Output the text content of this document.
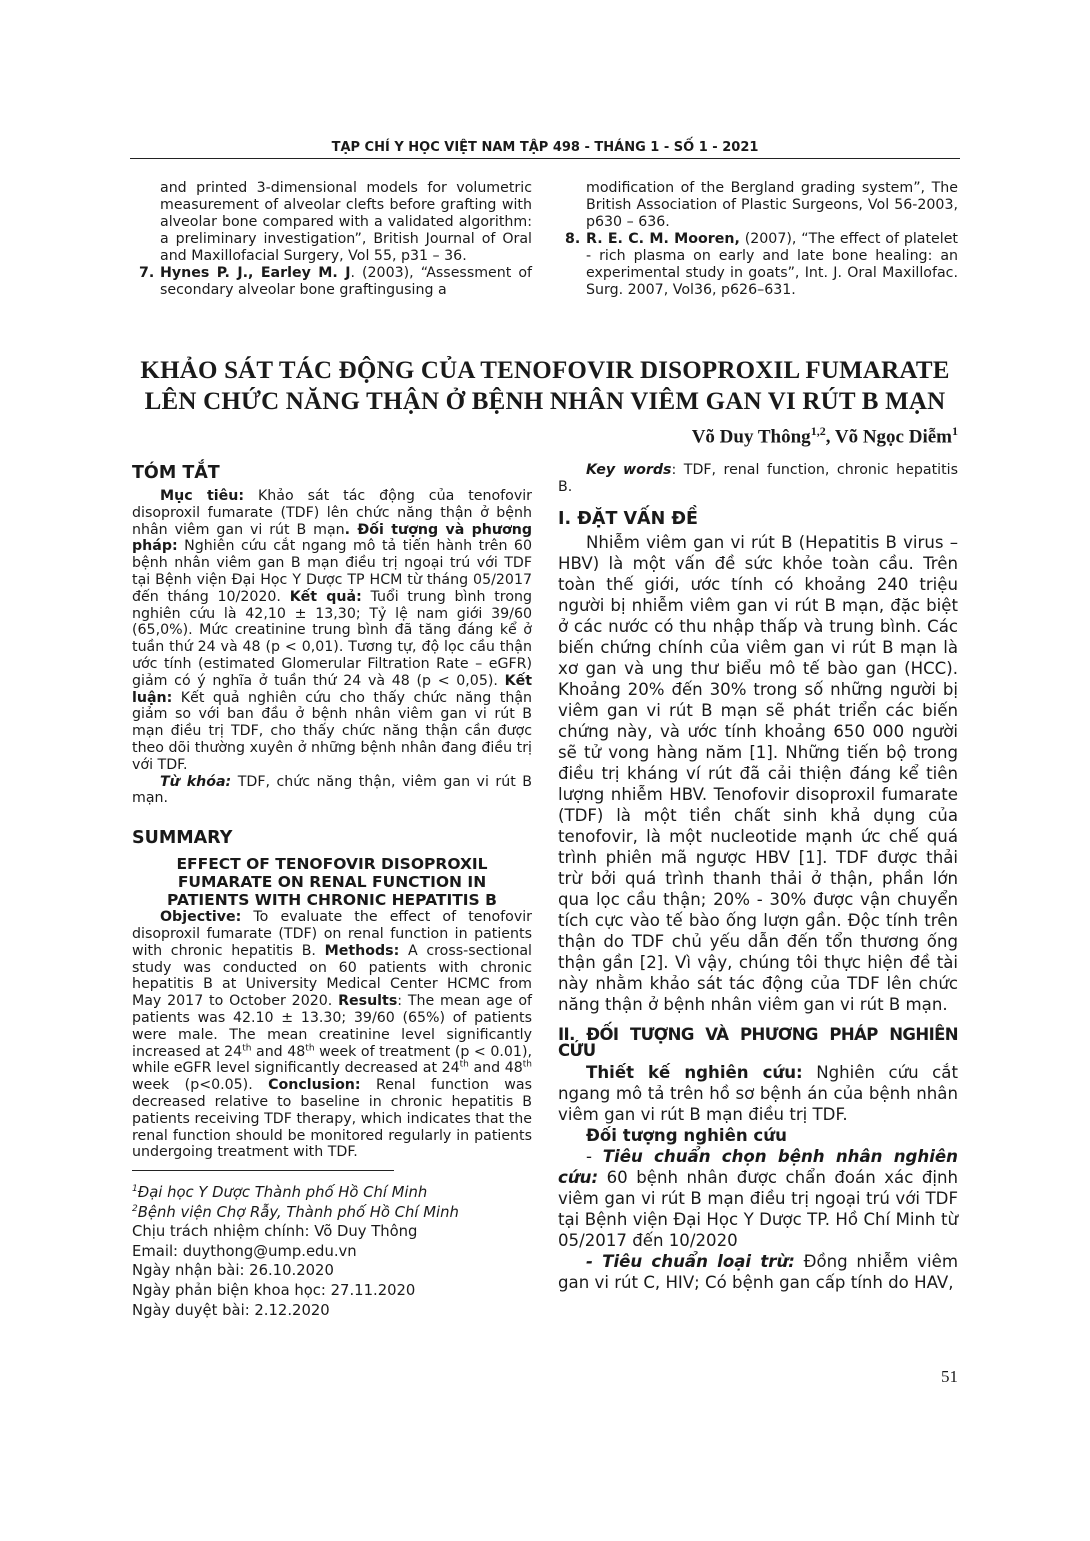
TẠP CHÍ Y HỌC VIỆT NAM TẬP 498 - THÁNG 1 - SỐ 1 - 2021
and printed 3-dimensional models for volumetric measurement of alveolar clefts before grafting with alveolar bone compared with a validated algorithm: a preliminary investigation”, British Journal of Oral and Maxillofacial Surgery, Vol 55, p31 – 36.
7. Hynes P. J., Earley M. J. (2003), “Assessment of secondary alveolar bone graftingusing a
modification of the Bergland grading system”, The British Association of Plastic Surgeons, Vol 56-2003, p630 – 636.
8. R. E. C. M. Mooren, (2007), “The effect of platelet - rich plasma on early and late bone healing: an experimental study in goats”, Int. J. Oral Maxillofac. Surg. 2007, Vol36, p626–631.
KHẢO SÁT TÁC ĐỘNG CỦA TENOFOVIR DISOPROXIL FUMARATE
LÊN CHỨC NĂNG THẬN Ở BỆNH NHÂN VIÊM GAN VI RÚT B MẠN
Võ Duy Thông$^{1,2}$, Võ Ngọc Diễm$^1$
TÓM TẮT

Mục tiêu: Khảo sát tác động của tenofovir disoproxil fumarate (TDF) lên chức năng thận ở bệnh nhân viêm gan vi rút B mạn. Đối tượng và phương pháp: Nghiên cứu cắt ngang mô tả tiến hành trên 60 bệnh nhân viêm gan B mạn điều trị ngoại trú với TDF tại Bệnh viện Đại Học Y Dược TP HCM từ tháng 05/2017 đến tháng 10/2020. Kết quả: Tuổi trung bình trong nghiên cứu là 42,10 ± 13,30; Tỷ lệ nam giới 39/60 (65,0%). Mức creatinine trung bình đã tăng đáng kể ở tuần thứ 24 và 48 (p < 0,01). Tương tự, độ lọc cầu thận ước tính (estimated Glomerular Filtration Rate – eGFR) giảm có ý nghĩa ở tuần thứ 24 và 48 (p < 0,05). Kết luận: Kết quả nghiên cứu cho thấy chức năng thận giảm so với ban đầu ở bệnh nhân viêm gan vi rút B mạn điều trị TDF, cho thấy chức năng thận cần được theo dõi thường xuyên ở những bệnh nhân đang điều trị với TDF.

Từ khóa: TDF, chức năng thận, viêm gan vi rút B mạn.

SUMMARY
EFFECT OF TENOFOVIR DISOPROXIL FUMARATE ON RENAL FUNCTION IN PATIENTS WITH CHRONIC HEPATITIS B

Objective: To evaluate the effect of tenofovir disoproxil fumarate (TDF) on renal function in patients with chronic hepatitis B. Methods: A cross-sectional study was conducted on 60 patients with chronic hepatitis B at University Medical Center HCMC from May 2017 to October 2020. Results: The mean age of patients was 42.10 ± 13.30; 39/60 (65%) of patients were male. The mean creatinine level significantly increased at 24th and 48th week of treatment (p < 0.01), while eGFR level significantly decreased at 24th and 48th week (p<0.05). Conclusion: Renal function was decreased relative to baseline in chronic hepatitis B patients receiving TDF therapy, which indicates that the renal function should be monitored regularly in patients undergoing treatment with TDF.

Key words: TDF, renal function, chronic hepatitis B.

I. ĐẶT VẤN ĐỀ

Nhiễm viêm gan vi rút B (Hepatitis B virus – HBV) là một vấn đề sức khỏe toàn cầu. Trên toàn thế giới, ước tính có khoảng 240 triệu người bị nhiễm viêm gan vi rút B mạn, đặc biệt ở các nước có thu nhập thấp và trung bình. Các biến chứng chính của viêm gan vi rút B mạn là xơ gan và ung thư biểu mô tế bào gan (HCC). Khoảng 20% đến 30% trong số những người bị viêm gan vi rút B mạn sẽ phát triển các biến chứng này, và ước tính khoảng 650 000 người sẽ tử vong hàng năm [1]. Những tiến bộ trong điều trị kháng ví rút đã cải thiện đáng kể tiên lượng nhiễm HBV. Tenofovir disoproxil fumarate (TDF) là một tiền chất sinh khả dụng của tenofovir, là một nucleotide mạnh ức chế quá trình phiên mã ngược HBV [1]. TDF được thải trừ bởi quá trình thanh thải ở thận, phần lớn qua lọc cầu thận; 20% - 30% được vận chuyển tích cực vào tế bào ống lượn gần. Độc tính trên thận do TDF chủ yếu dẫn đến tổn thương ống thận gần [2]. Vì vậy, chúng tôi thực hiện đề tài này nhằm khảo sát tác động của TDF lên chức năng thận ở bệnh nhân viêm gan vi rút B mạn.

II. ĐỐI TƯỢNG VÀ PHƯƠNG PHÁP NGHIÊN CỨU

Thiết kế nghiên cứu: Nghiên cứu cắt ngang mô tả trên hồ sơ bệnh án của bệnh nhân viêm gan vi rút B mạn điều trị TDF.

Đối tượng nghiên cứu

- Tiêu chuẩn chọn bệnh nhân nghiên cứu: 60 bệnh nhân được chẩn đoán xác định viêm gan vi rút B mạn điều trị ngoại trú với TDF tại Bệnh viện Đại Học Y Dược TP. Hồ Chí Minh từ 05/2017 đến 10/2020

- Tiêu chuẩn loại trừ: Đồng nhiễm viêm gan vi rút C, HIV; Có bệnh gan cấp tính do HAV,

$^1$Đại học Y Dược Thành phố Hồ Chí Minh
$^2$Bệnh viện Chợ Rẫy, Thành phố Hồ Chí Minh
Chịu trách nhiệm chính: Võ Duy Thông
Email: duythong@ump.edu.vn
Ngày nhận bài: 26.10.2020
Ngày phản biện khoa học: 27.11.2020
Ngày duyệt bài: 2.12.2020
51
